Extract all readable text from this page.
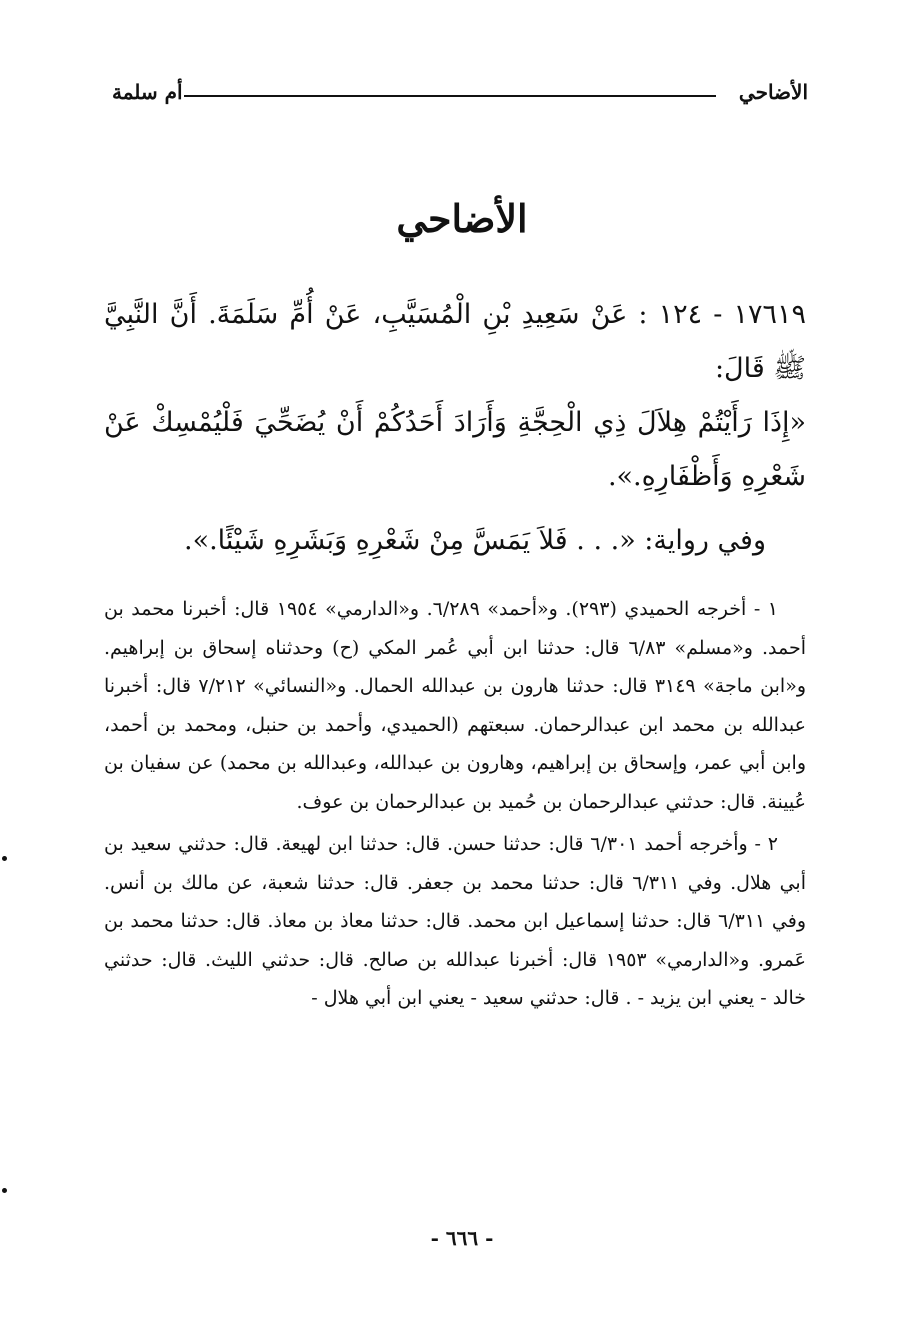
الأضاحي
أم سلمة
الأضاحي

١٧٦١٩ - ١٢٤ : عَنْ سَعِيدِ بْنِ الْمُسَيَّبِ، عَنْ أُمِّ سَلَمَةَ. أَنَّ النَّبِيَّ ﷺ قَالَ:

«إِذَا رَأَيْتُمْ هِلاَلَ ذِي الْحِجَّةِ وَأَرَادَ أَحَدُكُمْ أَنْ يُضَحِّيَ فَلْيُمْسِكْ عَنْ شَعْرِهِ وَأَظْفَارِهِ.».

وفي رواية: «. . . فَلاَ يَمَسَّ مِنْ شَعْرِهِ وَبَشَرِهِ شَيْئًا.».

١ - أخرجه الحميدي (٢٩٣). و«أحمد» ٦/٢٨٩. و«الدارمي» ١٩٥٤ قال: أخبرنا محمد بن أحمد. و«مسلم» ٦/٨٣ قال: حدثنا ابن أبي عُمر المكي (ح) وحدثناه إسحاق بن إبراهيم. و«ابن ماجة» ٣١٤٩ قال: حدثنا هارون بن عبدالله الحمال. و«النسائي» ٧/٢١٢ قال: أخبرنا عبدالله بن محمد ابن عبدالرحمان. سبعتهم (الحميدي، وأحمد بن حنبل، ومحمد بن أحمد، وابن أبي عمر، وإسحاق بن إبراهيم، وهارون بن عبدالله، وعبدالله بن محمد) عن سفيان بن عُيينة. قال: حدثني عبدالرحمان بن حُميد بن عبدالرحمان بن عوف.

٢ - وأخرجه أحمد ٦/٣٠١ قال: حدثنا حسن. قال: حدثنا ابن لهيعة. قال: حدثني سعيد بن أبي هلال. وفي ٦/٣١١ قال: حدثنا محمد بن جعفر. قال: حدثنا شعبة، عن مالك بن أنس. وفي ٦/٣١١ قال: حدثنا إسماعيل ابن محمد. قال: حدثنا معاذ بن معاذ. قال: حدثنا محمد بن عَمرو. و«الدارمي» ١٩٥٣ قال: أخبرنا عبدالله بن صالح. قال: حدثني الليث. قال: حدثني خالد - يعني ابن يزيد - . قال: حدثني سعيد - يعني ابن أبي هلال -

- ٦٦٦ -
